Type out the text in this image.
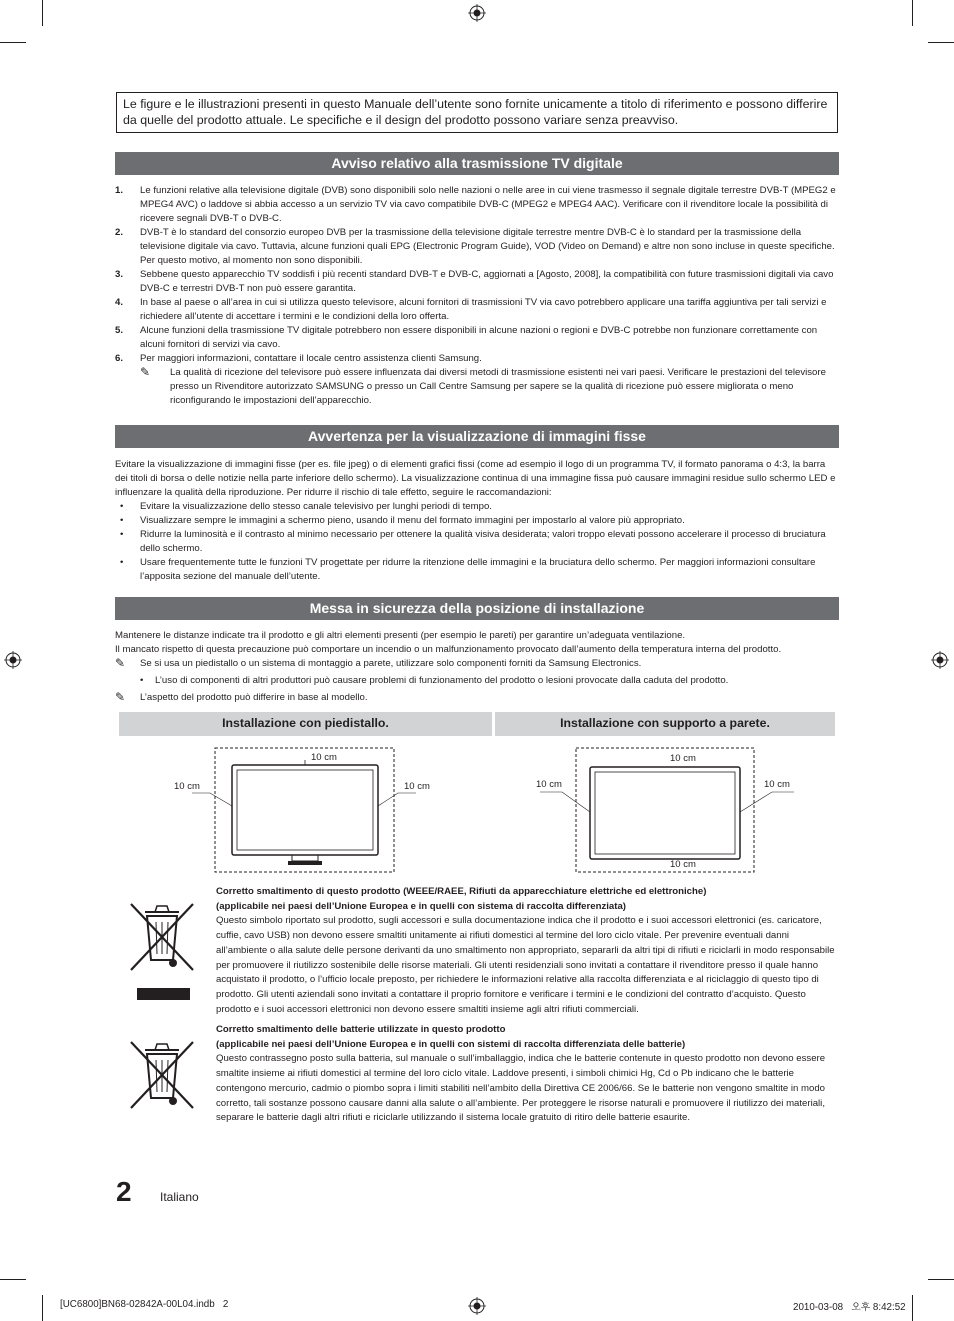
Le figure e le illustrazioni presenti in questo Manuale dell’utente sono fornite unicamente a titolo di riferimento e possono differire da quelle del prodotto attuale. Le specifiche e il design del prodotto possono variare senza preavviso.
Avviso relativo alla trasmissione TV digitale
1. Le funzioni relative alla televisione digitale (DVB) sono disponibili solo nelle nazioni o nelle aree in cui viene trasmesso il segnale digitale terrestre DVB-T (MPEG2 e MPEG4 AVC) o laddove si abbia accesso a un servizio TV via cavo compatibile DVB-C (MPEG2 e MPEG4 AAC). Verificare con il rivenditore locale la possibilità di ricevere segnali DVB-T o DVB-C.
2. DVB-T è lo standard del consorzio europeo DVB per la trasmissione della televisione digitale terrestre mentre DVB-C è lo standard per la trasmissione della televisione digitale via cavo. Tuttavia, alcune funzioni quali EPG (Electronic Program Guide), VOD (Video on Demand) e altre non sono incluse in queste specifiche. Per questo motivo, al momento non sono disponibili.
3. Sebbene questo apparecchio TV soddisfi i più recenti standard DVB-T e DVB-C, aggiornati a [Agosto, 2008], la compatibilità con future trasmissioni digitali via cavo DVB-C e terrestri DVB-T non può essere garantita.
4. In base al paese o all’area in cui si utilizza questo televisore, alcuni fornitori di trasmissioni TV via cavo potrebbero applicare una tariffa aggiuntiva per tali servizi e richiedere all’utente di accettare i termini e le condizioni della loro offerta.
5. Alcune funzioni della trasmissione TV digitale potrebbero non essere disponibili in alcune nazioni o regioni e DVB-C potrebbe non funzionare correttamente con alcuni fornitori di servizi via cavo.
6. Per maggiori informazioni, contattare il locale centro assistenza clienti Samsung.
✎ La qualità di ricezione del televisore può essere influenzata dai diversi metodi di trasmissione esistenti nei vari paesi. Verificare le prestazioni del televisore presso un Rivenditore autorizzato SAMSUNG o presso un Call Centre Samsung per sapere se la qualità di ricezione può essere migliorata o meno riconfigurando le impostazioni dell’apparecchio.
Avvertenza per la visualizzazione di immagini fisse

Evitare la visualizzazione di immagini fisse (per es. file jpeg) o di elementi grafici fissi (come ad esempio il logo di un programma TV, il formato panorama o 4:3, la barra dei titoli di borsa o delle notizie nella parte inferiore dello schermo). La visualizzazione continua di una immagine fissa può causare immagini residue sullo schermo LED e influenzare la qualità della riproduzione. Per ridurre il rischio di tale effetto, seguire le raccomandazioni:

• Evitare la visualizzazione dello stesso canale televisivo per lunghi periodi di tempo.
• Visualizzare sempre le immagini a schermo pieno, usando il menu del formato immagini per impostarlo al valore più appropriato.
• Ridurre la luminosità e il contrasto al minimo necessario per ottenere la qualità visiva desiderata; valori troppo elevati possono accelerare il processo di bruciatura dello schermo.
• Usare frequentemente tutte le funzioni TV progettate per ridurre la ritenzione delle immagini e la bruciatura dello schermo. Per maggiori informazioni consultare l’apposita sezione del manuale dell’utente.
Messa in sicurezza della posizione di installazione

Mantenere le distanze indicate tra il prodotto e gli altri elementi presenti (per esempio le pareti) per garantire un’adeguata ventilazione.

Il mancato rispetto di questa precauzione può comportare un incendio o un malfunzionamento provocato dall’aumento della temperatura interna del prodotto.

✎ Se si usa un piedistallo o un sistema di montaggio a parete, utilizzare solo componenti forniti da Samsung Electronics.
• L’uso di componenti di altri produttori può causare problemi di funzionamento del prodotto o lesioni provocate dalla caduta del prodotto.
✎ L’aspetto del prodotto può differire in base al modello.
Installazione con piedistallo.	Installazione con supporto a parete.
10 cm
10 cm	10 cm
10 cm
10 cm	10 cm
10 cm
Corretto smaltimento di questo prodotto (WEEE/RAEE, Rifiuti da apparecchiature elettriche ed elettroniche)
(applicabile nei paesi dell’Unione Europea e in quelli con sistema di raccolta differenziata)
Questo simbolo riportato sul prodotto, sugli accessori e sulla documentazione indica che il prodotto e i suoi accessori elettronici (es. caricatore, cuffie, cavo USB) non devono essere smaltiti unitamente ai rifiuti domestici al termine del loro ciclo vitale. Per prevenire eventuali danni all’ambiente o alla salute delle persone derivanti da uno smaltimento non appropriato, separarli da altri tipi di rifiuti e riciclarli in modo responsabile per promuovere il riutilizzo sostenibile delle risorse materiali. Gli utenti residenziali sono invitati a contattare il rivenditore presso il quale hanno acquistato il prodotto, o l’ufficio locale preposto, per richiedere le informazioni relative alla raccolta differenziata e al riciclaggio di questo tipo di prodotto. Gli utenti aziendali sono invitati a contattare il proprio fornitore e verificare i termini e le condizioni del contratto d’acquisto. Questo prodotto e i suoi accessori elettronici non devono essere smaltiti insieme agli altri rifiuti commerciali.
Corretto smaltimento delle batterie utilizzate in questo prodotto
(applicabile nei paesi dell’Unione Europea e in quelli con sistemi di raccolta differenziata delle batterie)
Questo contrassegno posto sulla batteria, sul manuale o sull’imballaggio, indica che le batterie contenute in questo prodotto non devono essere smaltite insieme ai rifiuti domestici al termine del loro ciclo vitale. Laddove presenti, i simboli chimici Hg, Cd o Pb indicano che le batterie contengono mercurio, cadmio o piombo sopra i limiti stabiliti nell’ambito della Direttiva CE 2006/66. Se le batterie non vengono smaltite in modo corretto, tali sostanze possono causare danni alla salute o all’ambiente. Per proteggere le risorse naturali e promuovere il riutilizzo dei materiali, separare le batterie dagli altri rifiuti e riciclarle utilizzando il sistema locale gratuito di ritiro delle batterie esaurite.
2 Italiano
[UC6800]BN68-02842A-00L04.indb   2	2010-03-08   오후 8:42:52
